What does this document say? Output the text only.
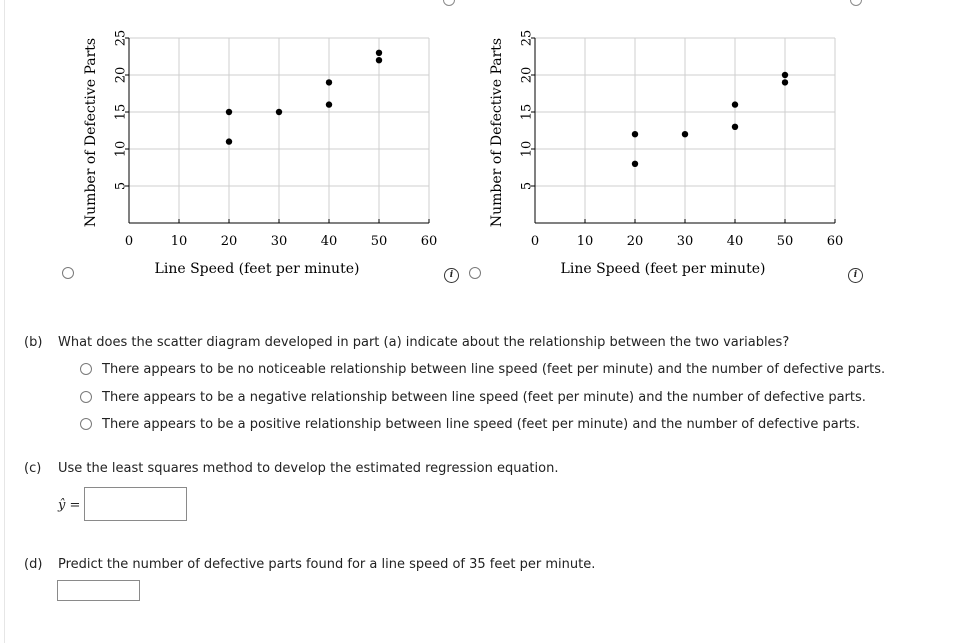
0	10	20	30	40	50	60
5
10
15
20
25
Line Speed (feet per minute)
Number of Defective Parts
0	10	20	30	40	50	60
5
10
15
20
25
Line Speed (feet per minute)
Number of Defective Parts
i	i
(b) What does the scatter diagram developed in part (a) indicate about the relationship between the two variables?
There appears to be no noticeable relationship between line speed (feet per minute) and the number of defective parts.
There appears to be a negative relationship between line speed (feet per minute) and the number of defective parts.
There appears to be a positive relationship between line speed (feet per minute) and the number of defective parts.
(c) Use the least squares method to develop the estimated regression equation.
ŷ =
(d) Predict the number of defective parts found for a line speed of 35 feet per minute.
